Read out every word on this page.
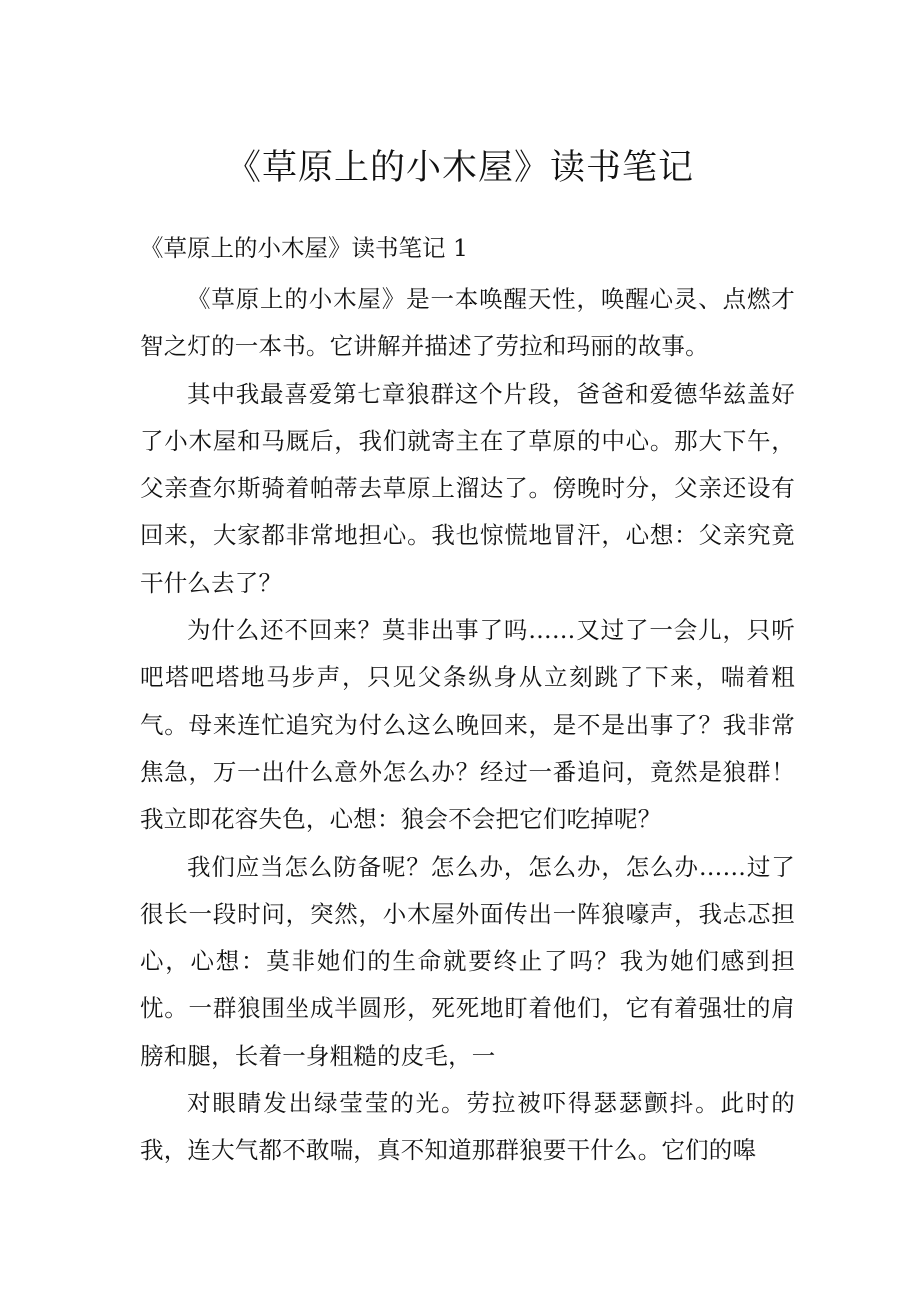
《草原上的小木屋》读书笔记
《草原上的小木屋》读书笔记 1

《草原上的小木屋》是一本唤醒天性，唤醒心灵、点燃才智之灯的一本书。它讲解并描述了劳拉和玛丽的故事。

其中我最喜爱第七章狼群这个片段，爸爸和爱德华兹盖好了小木屋和马厩后，我们就寄主在了草原的中心。那大下午，父亲查尔斯骑着帕蒂去草原上溜达了。傍晚时分，父亲还设有回来，大家都非常地担心。我也惊慌地冒汗，心想：父亲究竟干什么去了？

为什么还不回来？莫非出事了吗……又过了一会儿，只听吧塔吧塔地马步声，只见父条纵身从立刻跳了下来，喘着粗气。母来连忙追究为付么这么晚回来，是不是出事了？我非常焦急，万一出什么意外怎么办？经过一番追问，竟然是狼群！我立即花容失色，心想：狼会不会把它们吃掉呢？

我们应当怎么防备呢？怎么办，怎么办，怎么办……过了很长一段时问，突然，小木屋外面传出一阵狼嚎声，我忐忑担心，心想：莫非她们的生命就要终止了吗？我为她们感到担忧。一群狼围坐成半圆形，死死地盯着他们，它有着强壮的肩膀和腿，长着一身粗糙的皮毛，一

对眼睛发出绿莹莹的光。劳拉被吓得瑟瑟颤抖。此时的我，连大气都不敢喘，真不知道那群狼要干什么。它们的嗥
